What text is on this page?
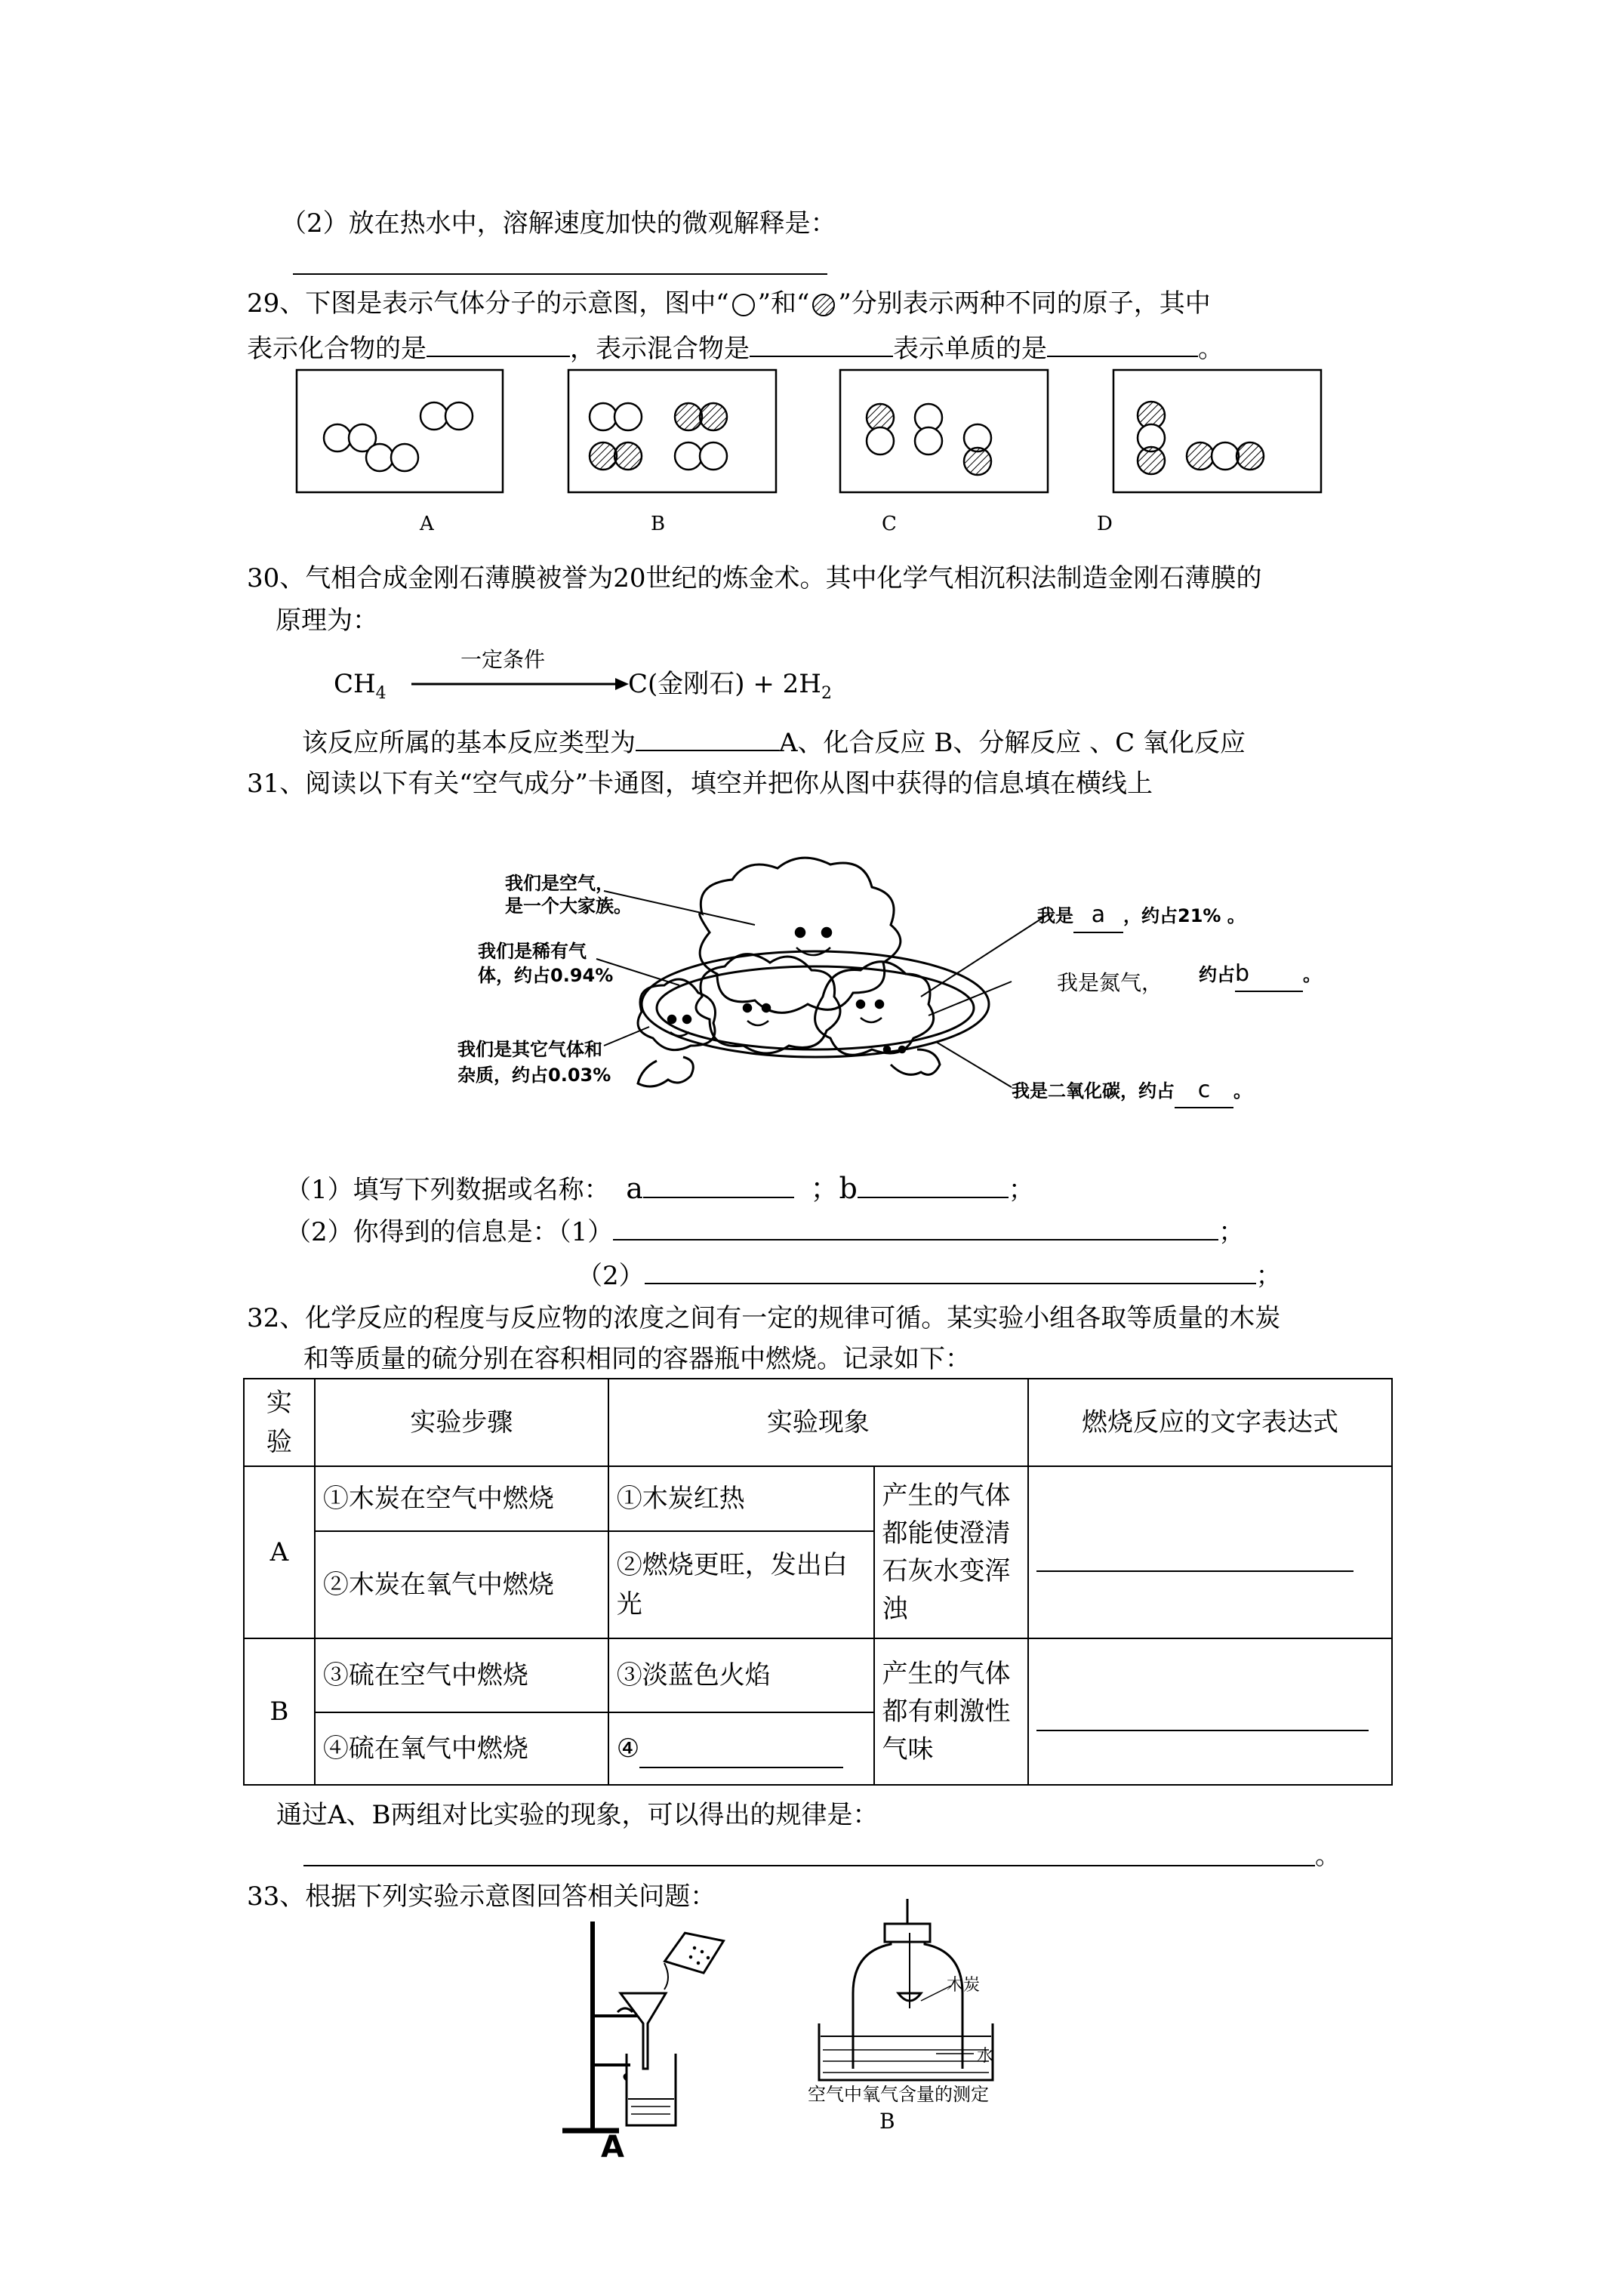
（2）放在热水中，溶解速度加快的微观解释是：
29、下图是表示气体分子的示意图，图中“ ”和“ ”分别表示两种不同的原子，其中
表示化合物的是	，表示混合物是	表示单质的是	。
A	B	C	D
30、气相合成金刚石薄膜被誉为20世纪的炼金术。其中化学气相沉积法制造金刚石薄膜的
原理为：
$CH_4$
一定条件
C(金刚石) + $2H_2$
该反应所属的基本反应类型为	A、化合反应 B、分解反应 、C 氧化反应
31、阅读以下有关“空气成分”卡通图，填空并把你从图中获得的信息填在横线上
我们是空气，
是一个大家族。
我们是稀有气
体，约占0.94%
我们是其它气体和
杂质，约占0.03%
我是 a ，约占21% 。
我是氮气， 约占b	。
我是二氧化碳，约占 c 。
（1）填写下列数据或名称： a	；b	；
（2）你得到的信息是：（1）	；
（2）	；
32、化学反应的程度与反应物的浓度之间有一定的规律可循。某实验小组各取等质量的木炭
和等质量的硫分别在容积相同的容器瓶中燃烧。记录如下：
实
验	实验步骤	实验现象		燃烧反应的文字表达式
A	①木炭在空气中燃烧	①木炭红热	产生的气体都能使澄清石灰水变浑浊	
	②木炭在氧气中燃烧	②燃烧更旺，发出白光		
B	③硫在空气中燃烧	③淡蓝色火焰	产生的气体都有刺激性气味	
	④硫在氧气中燃烧	④		
通过A、B两组对比实验的现象，可以得出的规律是：
。
33、根据下列实验示意图回答相关问题：
A
木炭
水
空气中氧气含量的测定
B
